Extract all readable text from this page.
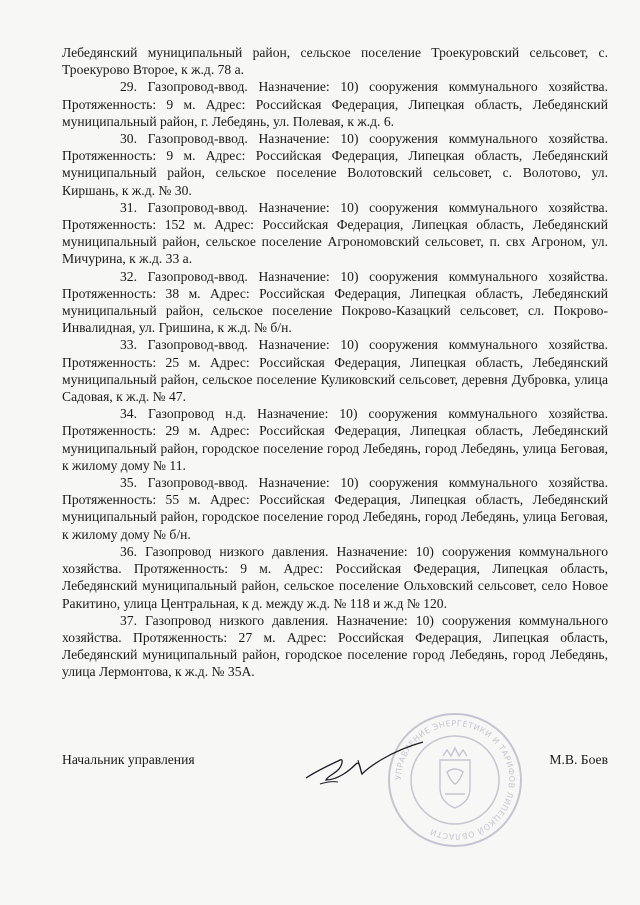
Лебедянский муниципальный район, сельское поселение Троекуровский сельсовет, с. Троекурово Второе, к ж.д. 78 а.

29. Газопровод-ввод. Назначение: 10) сооружения коммунального хозяйства. Протяженность: 9 м. Адрес: Российская Федерация, Липецкая область, Лебедянский муниципальный район, г. Лебедянь, ул. Полевая, к ж.д. 6.

30. Газопровод-ввод. Назначение: 10) сооружения коммунального хозяйства. Протяженность: 9 м. Адрес: Российская Федерация, Липецкая область, Лебедянский муниципальный район, сельское поселение Волотовский сельсовет, с. Волотово, ул. Киршань, к ж.д. № 30.

31. Газопровод-ввод. Назначение: 10) сооружения коммунального хозяйства. Протяженность: 152 м. Адрес: Российская Федерация, Липецкая область, Лебедянский муниципальный район, сельское поселение Агрономовский сельсовет, п. свх Агроном, ул. Мичурина, к ж.д. 33 а.

32. Газопровод-ввод. Назначение: 10) сооружения коммунального хозяйства. Протяженность: 38 м. Адрес: Российская Федерация, Липецкая область, Лебедянский муниципальный район, сельское поселение Покрово-Казацкий сельсовет, сл. Покрово-Инвалидная, ул. Гришина, к ж.д. № б/н.

33. Газопровод-ввод. Назначение: 10) сооружения коммунального хозяйства. Протяженность: 25 м. Адрес: Российская Федерация, Липецкая область, Лебедянский муниципальный район, сельское поселение Куликовский сельсовет, деревня Дубровка, улица Садовая, к ж.д. № 47.

34. Газопровод н.д. Назначение: 10) сооружения коммунального хозяйства. Протяженность: 29 м. Адрес: Российская Федерация, Липецкая область, Лебедянский муниципальный район, городское поселение город Лебедянь, город Лебедянь, улица Беговая, к жилому дому № 11.

35. Газопровод-ввод. Назначение: 10) сооружения коммунального хозяйства. Протяженность: 55 м. Адрес: Российская Федерация, Липецкая область, Лебедянский муниципальный район, городское поселение город Лебедянь, город Лебедянь, улица Беговая, к жилому дому № б/н.

36. Газопровод низкого давления. Назначение: 10) сооружения коммунального хозяйства. Протяженность: 9 м. Адрес: Российская Федерация, Липецкая область, Лебедянский муниципальный район, сельское поселение Ольховский сельсовет, село Новое Ракитино, улица Центральная, к д. между ж.д. № 118 и ж.д № 120.

37. Газопровод низкого давления. Назначение: 10) сооружения коммунального хозяйства. Протяженность: 27 м. Адрес: Российская Федерация, Липецкая область, Лебедянский муниципальный район, городское поселение город Лебедянь, город Лебедянь, улица Лермонтова, к ж.д. № 35А.

УПРАВЛЕНИЕ ЭНЕРГЕТИКИ И ТАРИФОВ ЛИПЕЦКОЙ ОБЛАСТИ
Начальник управления	М.В. Боев
